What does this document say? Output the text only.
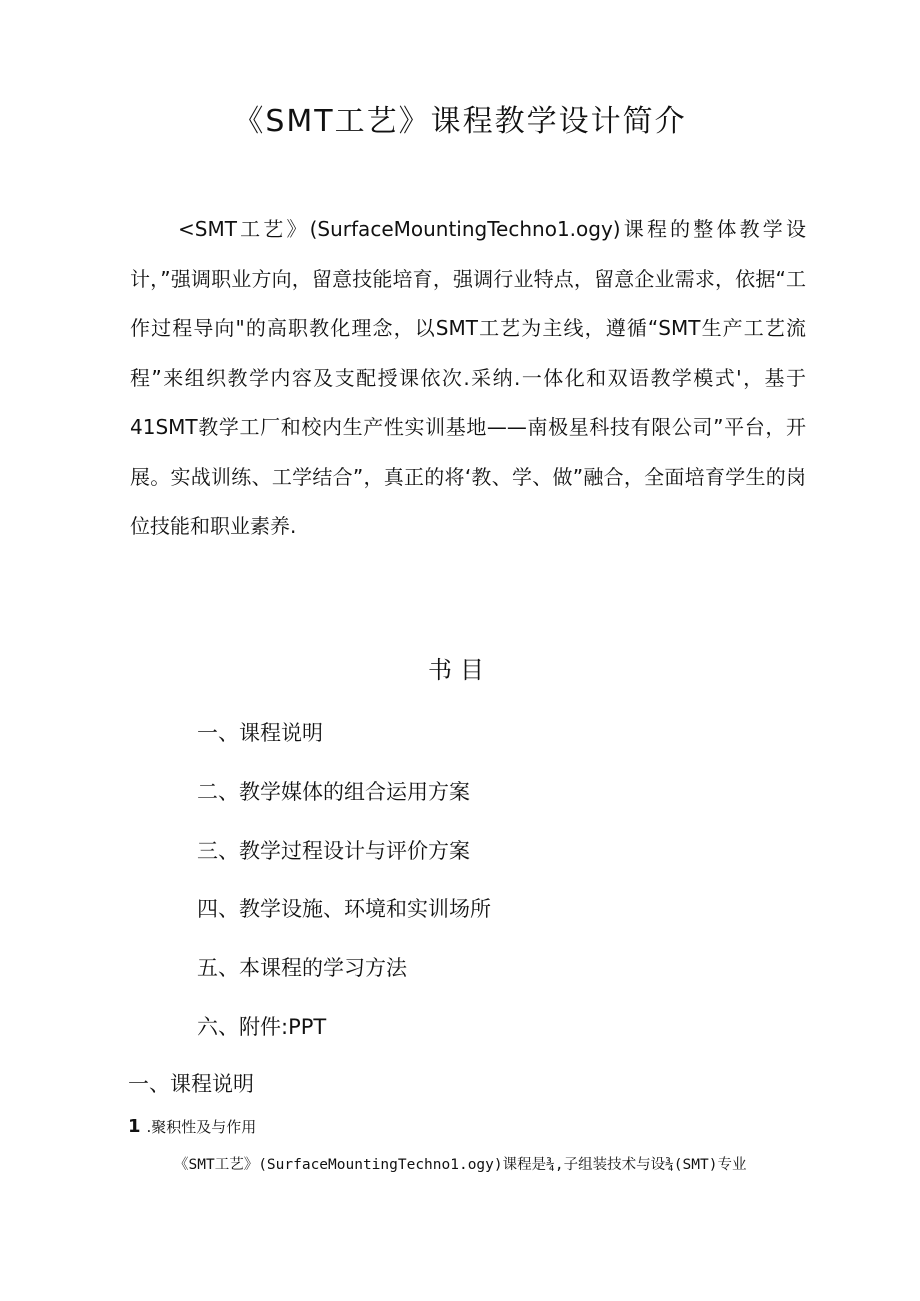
《SMT工艺》课程教学设计简介

<SMT工艺》(SurfaceMountingTechno1.ogy)课程的整体教学设计，”强调职业方向，留意技能培育，强调行业特点，留意企业需求，依据“工作过程导向"的高职教化理念，以SMT工艺为主线，遵循“SMT生产工艺流程”来组织教学内容及支配授课依次.采纳.一体化和双语教学模式'，基于41SMT教学工厂和校内生产性实训基地——南极星科技有限公司”平台，开展。实战训练、工学结合”，真正的将‘教、学、做”融合，全面培育学生的岗位技能和职业素养.

书目
一、课程说明
二、教学媒体的组合运用方案
三、教学过程设计与评价方案
四、教学设施、环境和实训场所
五、本课程的学习方法
六、附件:PPT
一、课程说明
1 .聚积性及与作用

《SMT工艺》(SurfaceMountingTechno1.ogy)课程是¾,子组装技术与设¾(SMT)专业
